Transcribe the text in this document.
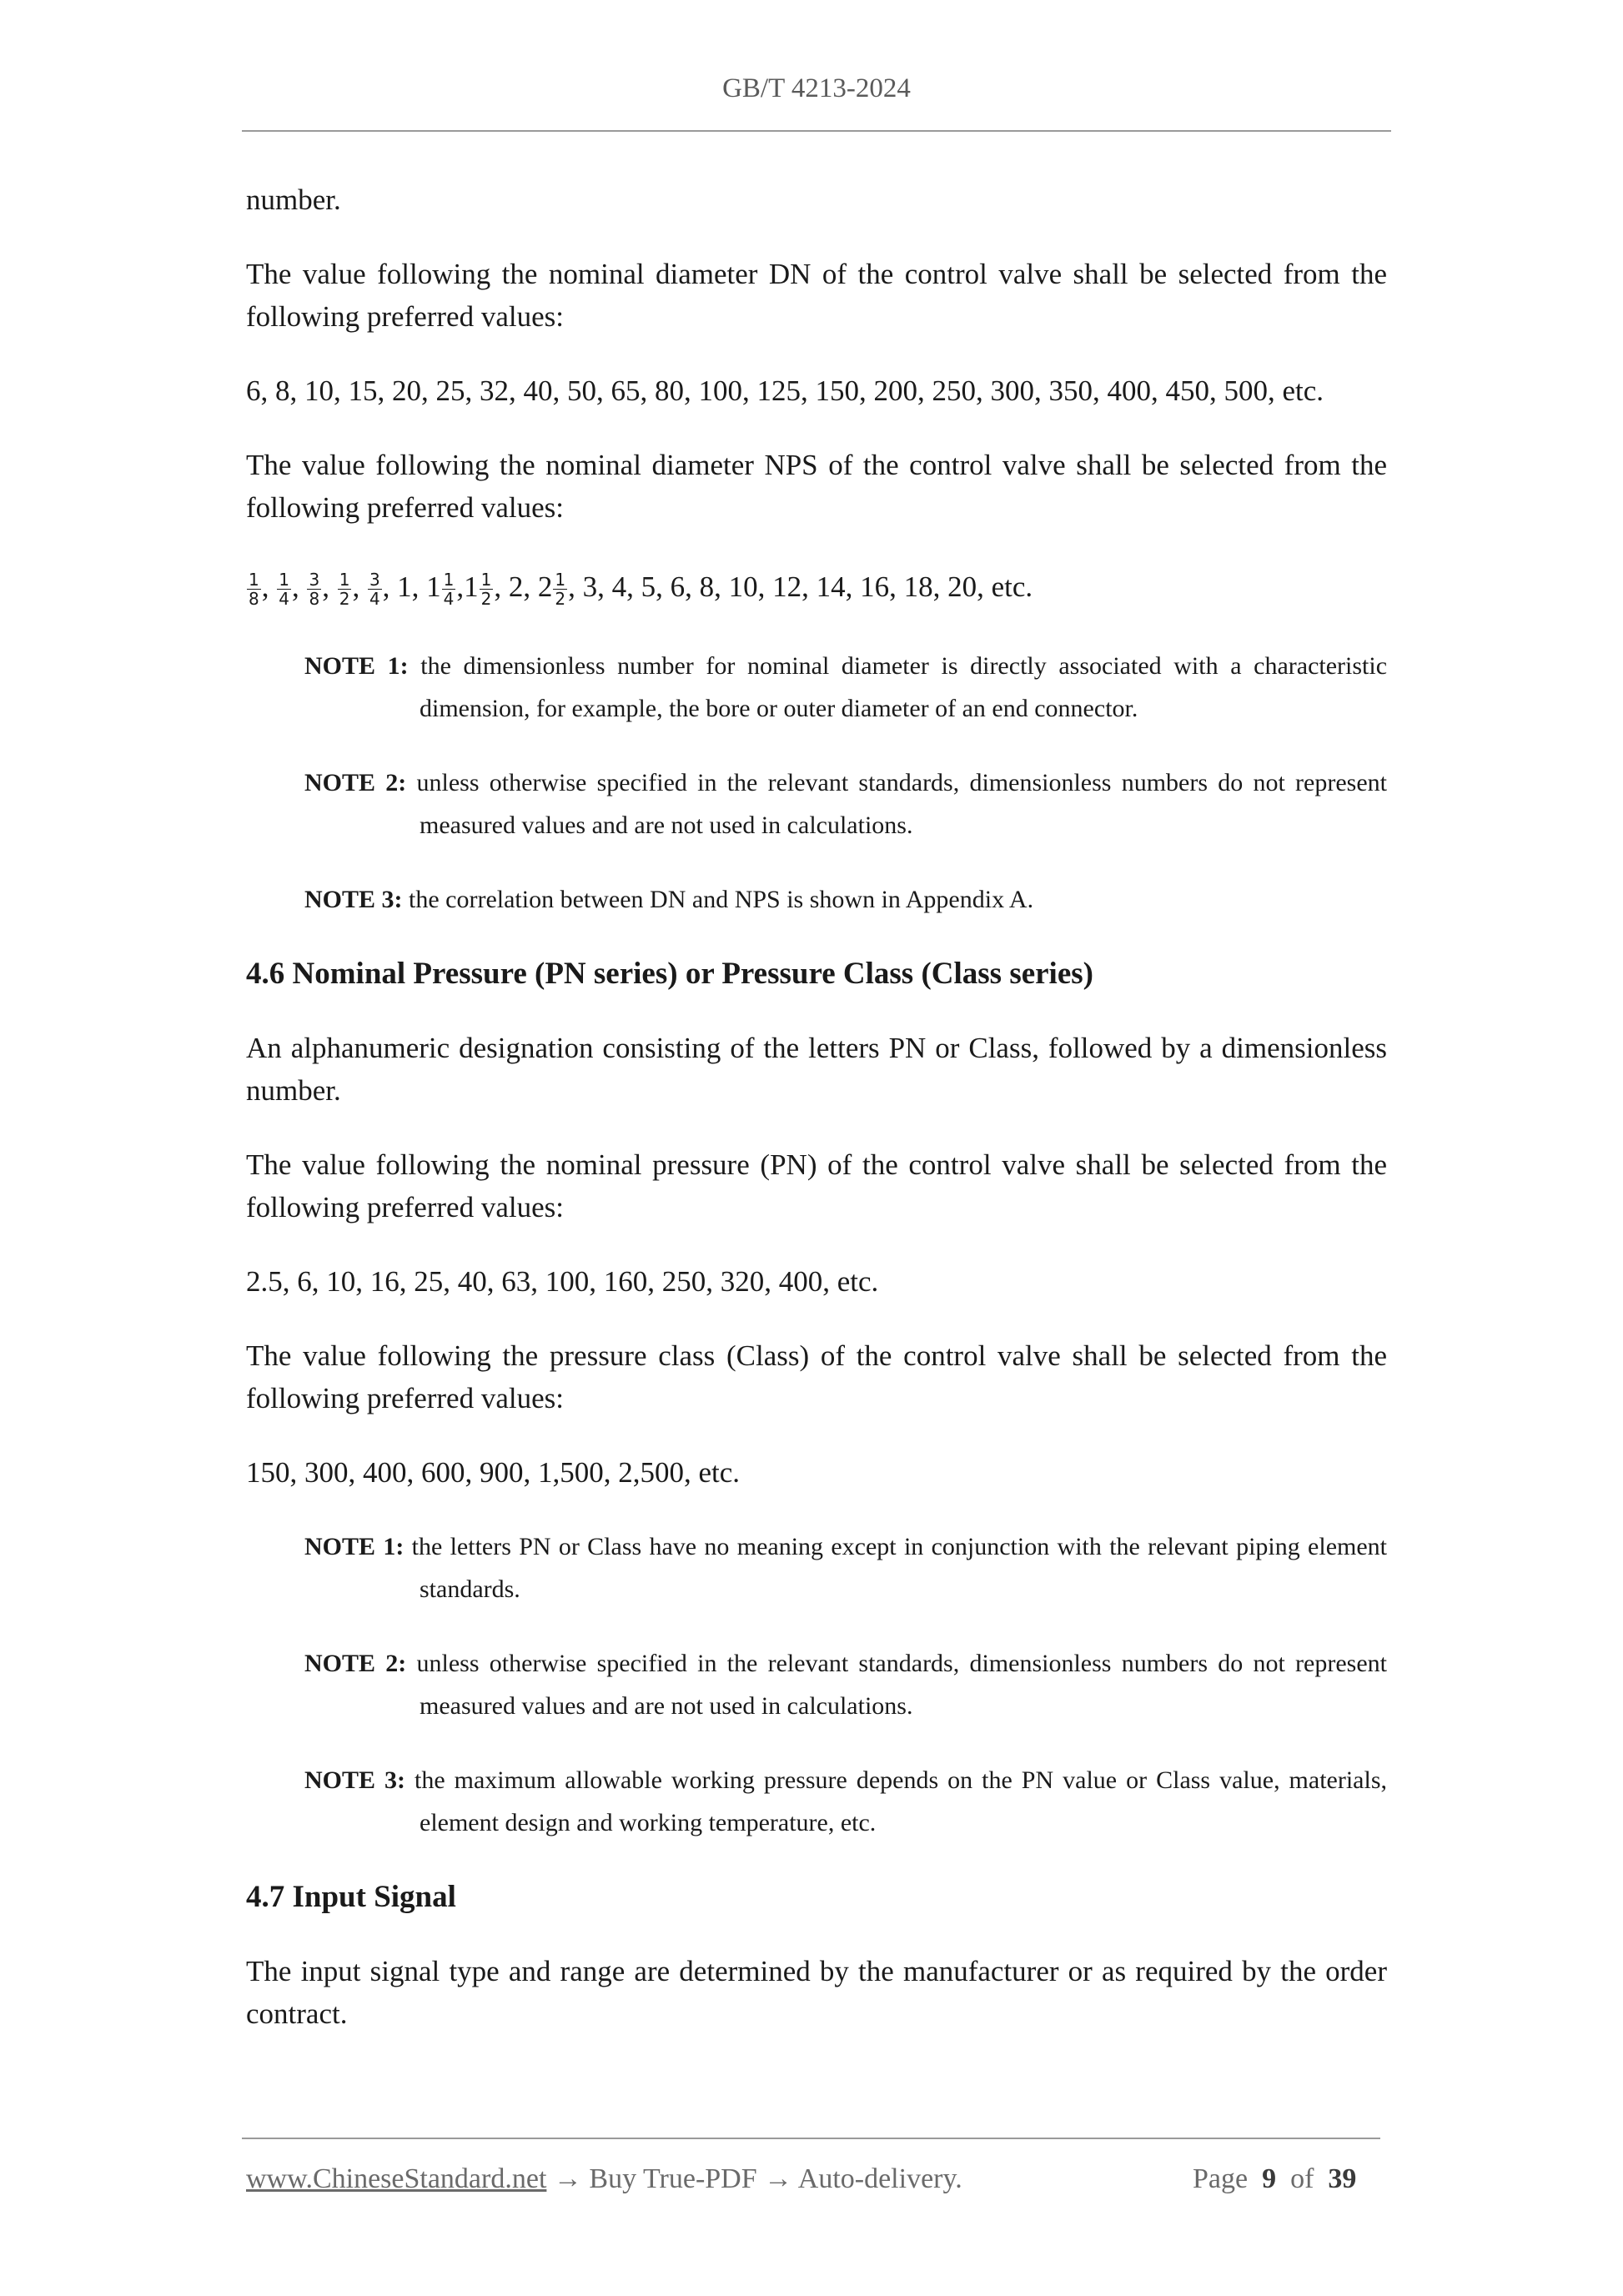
GB/T 4213-2024

number.

The value following the nominal diameter DN of the control valve shall be selected from the following preferred values:

6, 8, 10, 15, 20, 25, 32, 40, 50, 65, 80, 100, 125, 150, 200, 250, 300, 350, 400, 450, 500, etc.

The value following the nominal diameter NPS of the control valve shall be selected from the following preferred values:

$\frac{1}{8}$ , $\frac{1}{4}$ , $\frac{3}{8}$ , $\frac{1}{2}$ , $\frac{3}{4}$ , 1, $1 \frac{1}{4} ,1 \frac{1}{2}$ , 2, $2 \frac{1}{2}$ , 3, 4, 5, 6, 8, 10, 12, 14, 16, 18, 20, etc.

NOTE 1: the dimensionless number for nominal diameter is directly associated with a characteristic dimension, for example, the bore or outer diameter of an end connector.

NOTE 2: unless otherwise specified in the relevant standards, dimensionless numbers do not represent measured values and are not used in calculations.

NOTE 3: the correlation between DN and NPS is shown in Appendix A.

4.6 Nominal Pressure (PN series) or Pressure Class (Class series)

An alphanumeric designation consisting of the letters PN or Class, followed by a dimensionless number.

The value following the nominal pressure (PN) of the control valve shall be selected from the following preferred values:

2.5, 6, 10, 16, 25, 40, 63, 100, 160, 250, 320, 400, etc.

The value following the pressure class (Class) of the control valve shall be selected from the following preferred values:

150, 300, 400, 600, 900, 1,500, 2,500, etc.

NOTE 1: the letters PN or Class have no meaning except in conjunction with the relevant piping element standards.

NOTE 2: unless otherwise specified in the relevant standards, dimensionless numbers do not represent measured values and are not used in calculations.

NOTE 3: the maximum allowable working pressure depends on the PN value or Class value, materials, element design and working temperature, etc.

4.7 Input Signal

The input signal type and range are determined by the manufacturer or as required by the order contract.

www.ChineseStandard.net → Buy True-PDF → Auto-delivery.	Page 9 of 39
